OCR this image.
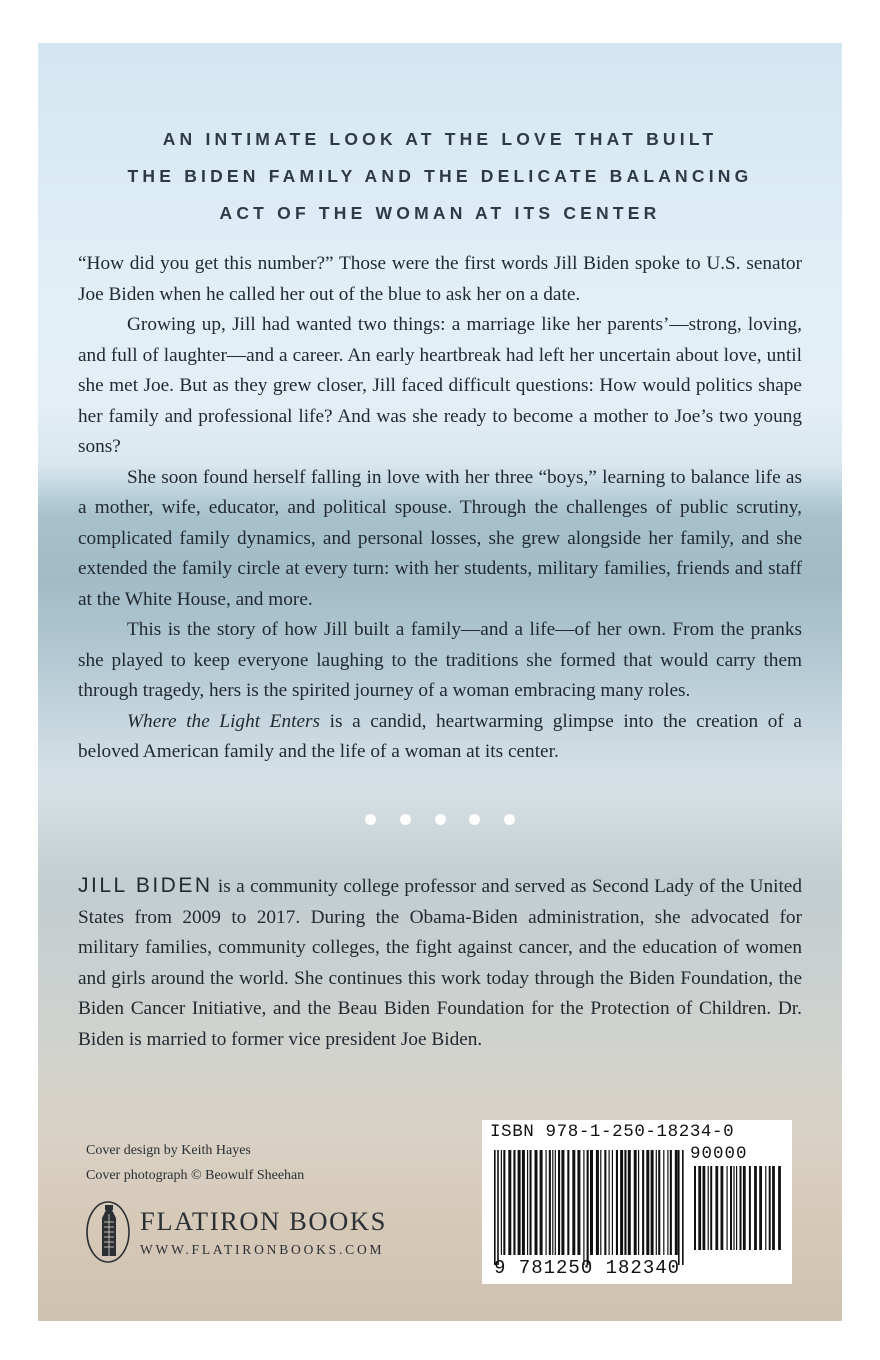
AN INTIMATE LOOK AT THE LOVE THAT BUILT
THE BIDEN FAMILY AND THE DELICATE BALANCING
ACT OF THE WOMAN AT ITS CENTER

“How did you get this number?” Those were the first words Jill Biden spoke to U.S. senator Joe Biden when he called her out of the blue to ask her on a date.

Growing up, Jill had wanted two things: a marriage like her parents’—strong, loving, and full of laughter—and a career. An early heartbreak had left her uncertain about love, until she met Joe. But as they grew closer, Jill faced difficult questions: How would politics shape her family and professional life? And was she ready to become a mother to Joe’s two young sons?

She soon found herself falling in love with her three “boys,” learning to balance life as a mother, wife, educator, and political spouse. Through the challenges of public scrutiny, complicated family dynamics, and personal losses, she grew alongside her family, and she extended the family circle at every turn: with her students, military families, friends and staff at the White House, and more.

This is the story of how Jill built a family—and a life—of her own. From the pranks she played to keep everyone laughing to the traditions she formed that would carry them through tragedy, hers is the spirited journey of a woman embracing many roles.

Where the Light Enters is a candid, heartwarming glimpse into the creation of a beloved American family and the life of a woman at its center.

JILL BIDEN is a community college professor and served as Second Lady of the United States from 2009 to 2017. During the Obama-Biden administration, she advocated for military families, community colleges, the fight against cancer, and the education of women and girls around the world. She continues this work today through the Biden Foundation, the Biden Cancer Initiative, and the Beau Biden Foundation for the Protection of Children. Dr. Biden is married to former vice president Joe Biden.

Cover design by Keith Hayes
Cover photograph © Beowulf Sheehan
FLATIRON BOOKS
WWW.FLATIRONBOOKS.COM
ISBN 978-1-250-18234-0
90000
9 781250 182340
